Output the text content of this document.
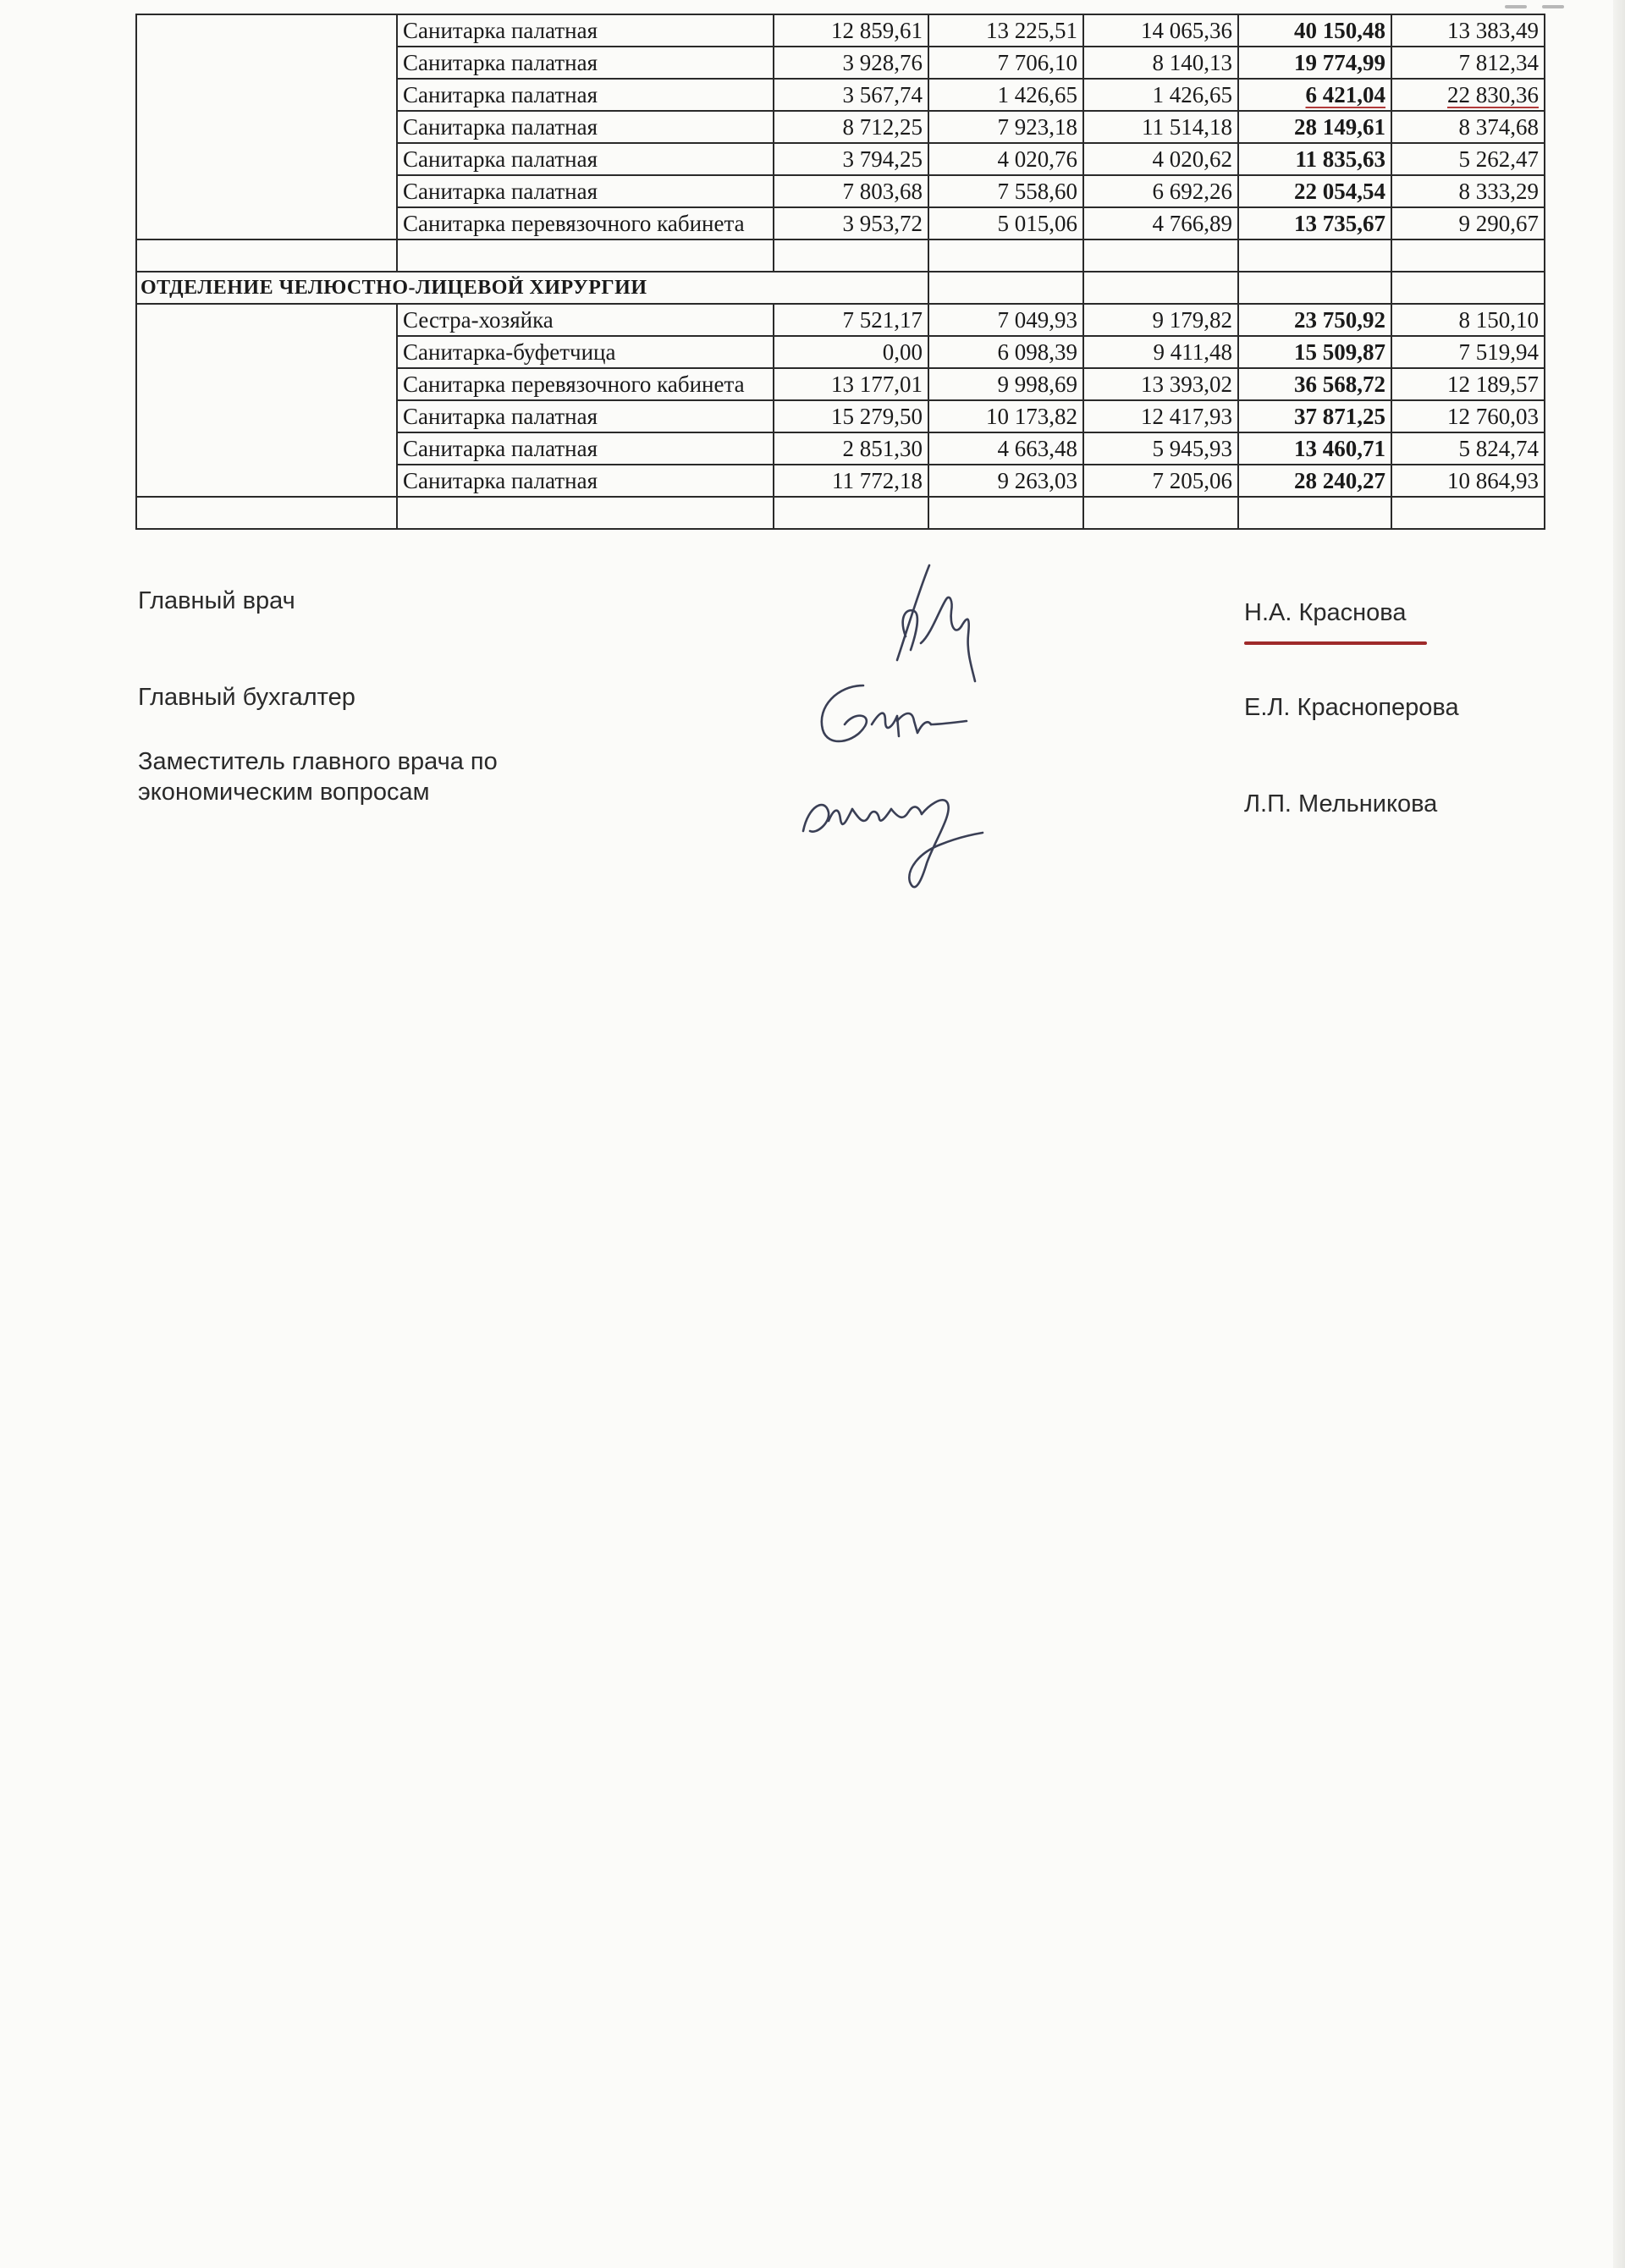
	Санитарка палатная	12 859,61	13 225,51	14 065,36	40 150,48	13 383,49
	Санитарка палатная	3 928,76	7 706,10	8 140,13	19 774,99	7 812,34
	Санитарка палатная	3 567,74	1 426,65	1 426,65	6 421,04	22 830,36
	Санитарка палатная	8 712,25	7 923,18	11 514,18	28 149,61	8 374,68
	Санитарка палатная	3 794,25	4 020,76	4 020,62	11 835,63	5 262,47
	Санитарка палатная	7 803,68	7 558,60	6 692,26	22 054,54	8 333,29
	Санитарка перевязочного кабинета	3 953,72	5 015,06	4 766,89	13 735,67	9 290,67

ОТДЕЛЕНИЕ ЧЕЛЮСТНО-ЛИЦЕВОЙ ХИРУРГИИ						
	Сестра-хозяйка	7 521,17	7 049,93	9 179,82	23 750,92	8 150,10
	Санитарка-буфетчица	0,00	6 098,39	9 411,48	15 509,87	7 519,94
	Санитарка перевязочного кабинета	13 177,01	9 998,69	13 393,02	36 568,72	12 189,57
	Санитарка палатная	15 279,50	10 173,82	12 417,93	37 871,25	12 760,03
	Санитарка палатная	2 851,30	4 663,48	5 945,93	13 460,71	5 824,74
	Санитарка палатная	11 772,18	9 263,03	7 205,06	28 240,27	10 864,93

Главный врач	Н.А. Краснова
Главный бухгалтер	Е.Л. Красноперова
Заместитель главного врача по
экономическим вопросам	Л.П. Мельникова
